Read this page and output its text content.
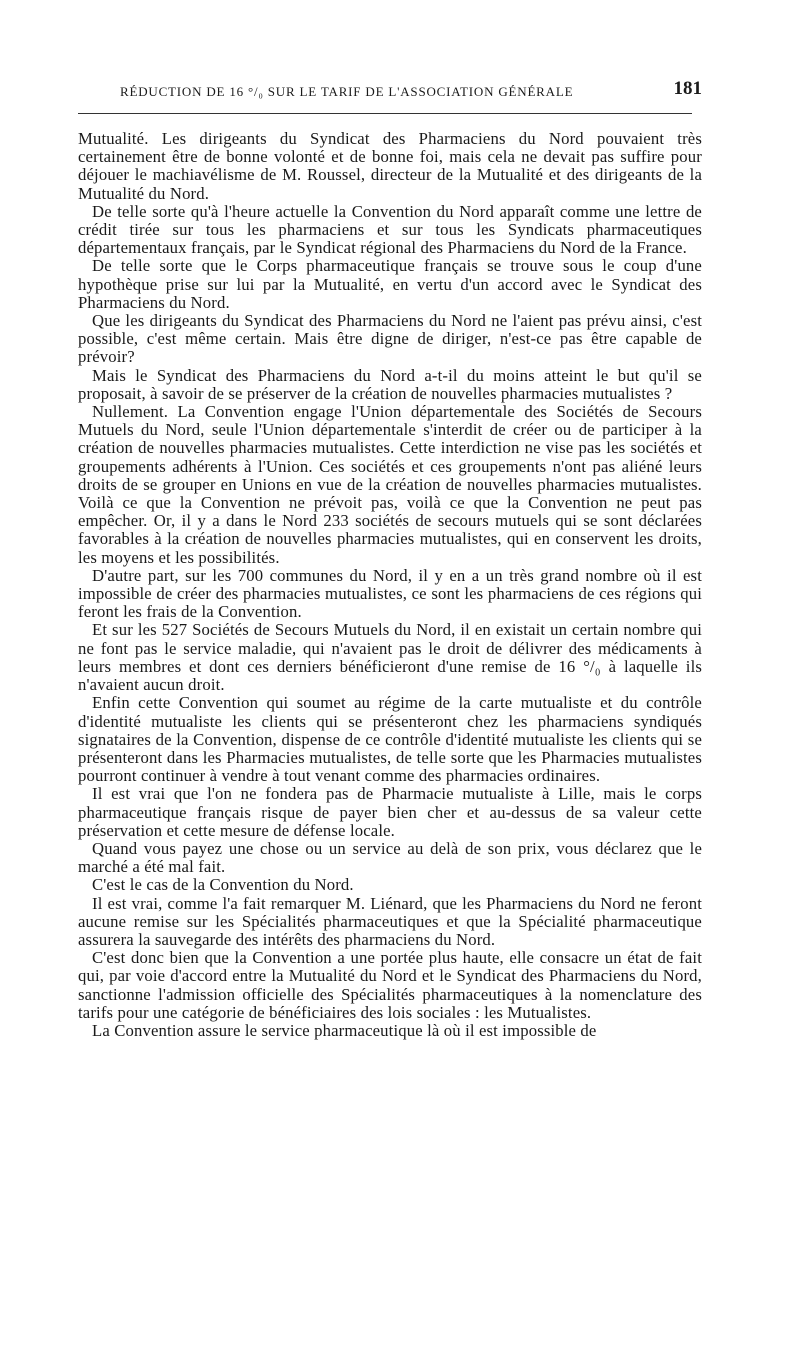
RÉDUCTION DE 16 °/₀ SUR LE TARIF DE L'ASSOCIATION GÉNÉRALE	181

Mutualité. Les dirigeants du Syndicat des Pharmaciens du Nord pouvaient très certainement être de bonne volonté et de bonne foi, mais cela ne devait pas suffire pour déjouer le machiavélisme de M. Roussel, directeur de la Mutualité et des dirigeants de la Mutualité du Nord.

De telle sorte qu'à l'heure actuelle la Convention du Nord apparaît comme une lettre de crédit tirée sur tous les pharmaciens et sur tous les Syndicats pharmaceutiques départementaux français, par le Syndicat régional des Pharmaciens du Nord de la France.

De telle sorte que le Corps pharmaceutique français se trouve sous le coup d'une hypothèque prise sur lui par la Mutualité, en vertu d'un accord avec le Syndicat des Pharmaciens du Nord.

Que les dirigeants du Syndicat des Pharmaciens du Nord ne l'aient pas prévu ainsi, c'est possible, c'est même certain. Mais être digne de diriger, n'est-ce pas être capable de prévoir?

Mais le Syndicat des Pharmaciens du Nord a-t-il du moins atteint le but qu'il se proposait, à savoir de se préserver de la création de nouvelles pharmacies mutualistes ?

Nullement. La Convention engage l'Union départementale des Sociétés de Secours Mutuels du Nord, seule l'Union départementale s'interdit de créer ou de participer à la création de nouvelles pharmacies mutualistes. Cette interdiction ne vise pas les sociétés et groupements adhérents à l'Union. Ces sociétés et ces groupements n'ont pas aliéné leurs droits de se grouper en Unions en vue de la création de nouvelles pharmacies mutualistes. Voilà ce que la Convention ne prévoit pas, voilà ce que la Convention ne peut pas empêcher. Or, il y a dans le Nord 233 sociétés de secours mutuels qui se sont déclarées favorables à la création de nouvelles pharmacies mutualistes, qui en conservent les droits, les moyens et les possibilités.

D'autre part, sur les 700 communes du Nord, il y en a un très grand nombre où il est impossible de créer des pharmacies mutualistes, ce sont les pharmaciens de ces régions qui feront les frais de la Convention.

Et sur les 527 Sociétés de Secours Mutuels du Nord, il en existait un certain nombre qui ne font pas le service maladie, qui n'avaient pas le droit de délivrer des médicaments à leurs membres et dont ces derniers bénéficieront d'une remise de 16 °/₀ à laquelle ils n'avaient aucun droit.

Enfin cette Convention qui soumet au régime de la carte mutualiste et du contrôle d'identité mutualiste les clients qui se présenteront chez les pharmaciens syndiqués signataires de la Convention, dispense de ce contrôle d'identité mutualiste les clients qui se présenteront dans les Pharmacies mutualistes, de telle sorte que les Pharmacies mutualistes pourront continuer à vendre à tout venant comme des pharmacies ordinaires.

Il est vrai que l'on ne fondera pas de Pharmacie mutualiste à Lille, mais le corps pharmaceutique français risque de payer bien cher et au-dessus de sa valeur cette préservation et cette mesure de défense locale.

Quand vous payez une chose ou un service au delà de son prix, vous déclarez que le marché a été mal fait.

C'est le cas de la Convention du Nord.

Il est vrai, comme l'a fait remarquer M. Liénard, que les Pharmaciens du Nord ne feront aucune remise sur les Spécialités pharmaceutiques et que la Spécialité pharmaceutique assurera la sauvegarde des intérêts des pharmaciens du Nord.

C'est donc bien que la Convention a une portée plus haute, elle consacre un état de fait qui, par voie d'accord entre la Mutualité du Nord et le Syndicat des Pharmaciens du Nord, sanctionne l'admission officielle des Spécialités pharmaceutiques à la nomenclature des tarifs pour une catégorie de bénéficiaires des lois sociales : les Mutualistes.

La Convention assure le service pharmaceutique là où il est impossible de
